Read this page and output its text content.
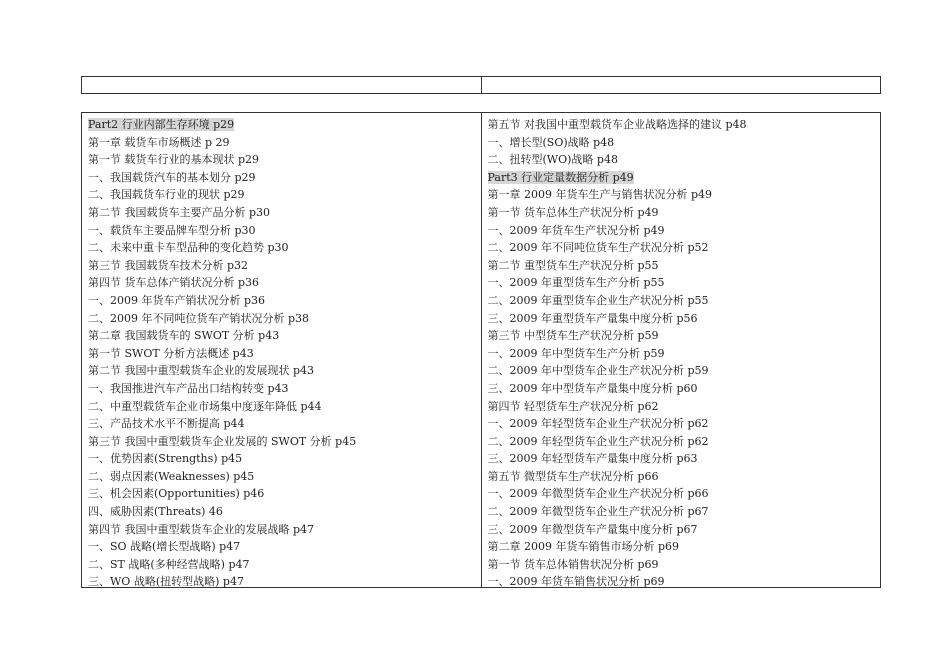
Part2 行业内部生存环境 p29
第一章 载货车市场概述 p 29
第一节 载货车行业的基本现状 p29
一、我国载货汽车的基本划分 p29
二、我国载货车行业的现状 p29
第二节 我国载货车主要产品分析 p30
一、载货车主要品牌车型分析 p30
二、未来中重卡车型品种的变化趋势 p30
第三节 我国载货车技术分析 p32
第四节 货车总体产销状况分析 p36
一、2009 年货车产销状况分析 p36
二、2009 年不同吨位货车产销状况分析 p38
第二章 我国载货车的 SWOT 分析 p43
第一节 SWOT 分析方法概述 p43
第二节 我国中重型载货车企业的发展现状 p43
一、我国推进汽车产品出口结构转变 p43
二、中重型载货车企业市场集中度逐年降低 p44
三、产品技术水平不断提高 p44
第三节 我国中重型载货车企业发展的 SWOT 分析 p45
一、优势因素(Strengths) p45
二、弱点因素(Weaknesses) p45
三、机会因素(Opportunities) p46
四、威胁因素(Threats) 46
第四节 我国中重型载货车企业的发展战略 p47
一、SO 战略(增长型战略) p47
二、ST 战略(多种经营战略) p47
三、WO 战略(扭转型战略) p47
第五节 对我国中重型载货车企业战略选择的建议 p48
一、增长型(SO)战略 p48
二、扭转型(WO)战略 p48
Part3 行业定量数据分析 p49
第一章 2009 年货车生产与销售状况分析 p49
第一节 货车总体生产状况分析 p49
一、2009 年货车生产状况分析 p49
二、2009 年不同吨位货车生产状况分析 p52
第二节 重型货车生产状况分析 p55
一、2009 年重型货车生产分析 p55
二、2009 年重型货车企业生产状况分析 p55
三、2009 年重型货车产量集中度分析 p56
第三节 中型货车生产状况分析 p59
一、2009 年中型货车生产分析 p59
二、2009 年中型货车企业生产状况分析 p59
三、2009 年中型货车产量集中度分析 p60
第四节 轻型货车生产状况分析 p62
一、2009 年轻型货车企业生产状况分析 p62
二、2009 年轻型货车企业生产状况分析 p62
三、2009 年轻型货车产量集中度分析 p63
第五节 微型货车生产状况分析 p66
一、2009 年微型货车企业生产状况分析 p66
二、2009 年微型货车企业生产状况分析 p67
三、2009 年微型货车产量集中度分析 p67
第二章 2009 年货车销售市场分析 p69
第一节 货车总体销售状况分析 p69
一、2009 年货车销售状况分析 p69
